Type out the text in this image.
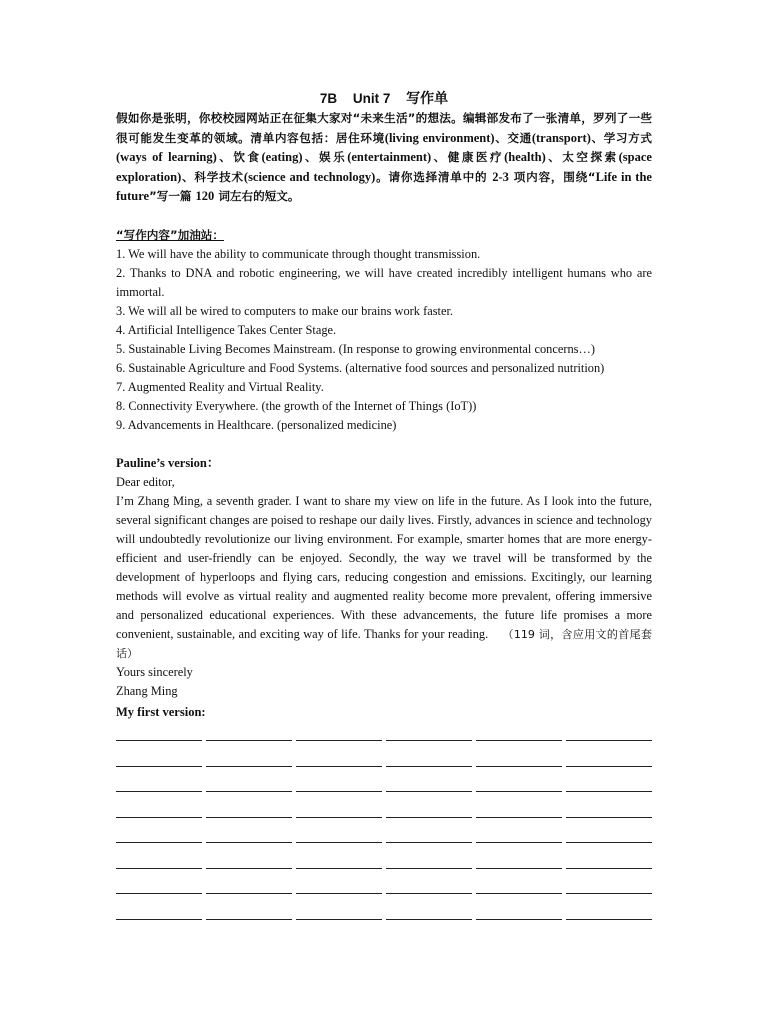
7B Unit 7 写作单

假如你是张明，你校校园网站正在征集大家对“未来生活”的想法。编辑部发布了一张清单，罗列了一些很可能发生变革的领域。清单内容包括：居住环境(living environment)、交通(transport)、学习方式(ways of learning)、饮食(eating)、娱乐(entertainment)、健康医疗(health)、太空探索(space exploration)、科学技术(science and technology)。请你选择清单中的 2-3 项内容，围绕“Life in the future”写一篇 120 词左右的短文。

“写作内容”加油站：
1. We will have the ability to communicate through thought transmission.
2. Thanks to DNA and robotic engineering, we will have created incredibly intelligent humans who are immortal.
3. We will all be wired to computers to make our brains work faster.
4. Artificial Intelligence Takes Center Stage.
5. Sustainable Living Becomes Mainstream. (In response to growing environmental concerns…)
6. Sustainable Agriculture and Food Systems. (alternative food sources and personalized nutrition)
7. Augmented Reality and Virtual Reality.
8. Connectivity Everywhere. (the growth of the Internet of Things (IoT))
9. Advancements in Healthcare. (personalized medicine)
Pauline’s version：

Dear editor,

I’m Zhang Ming, a seventh grader. I want to share my view on life in the future. As I look into the future, several significant changes are poised to reshape our daily lives. Firstly, advances in science and technology will undoubtedly revolutionize our living environment. For example, smarter homes that are more energy-efficient and user-friendly can be enjoyed. Secondly, the way we travel will be transformed by the development of hyperloops and flying cars, reducing congestion and emissions. Excitingly, our learning methods will evolve as virtual reality and augmented reality become more prevalent, offering immersive and personalized educational experiences. With these advancements, the future life promises a more convenient, sustainable, and exciting way of life. Thanks for your reading. （119 词，含应用文的首尾套话）

Yours sincerely

Zhang Ming

My first version:
